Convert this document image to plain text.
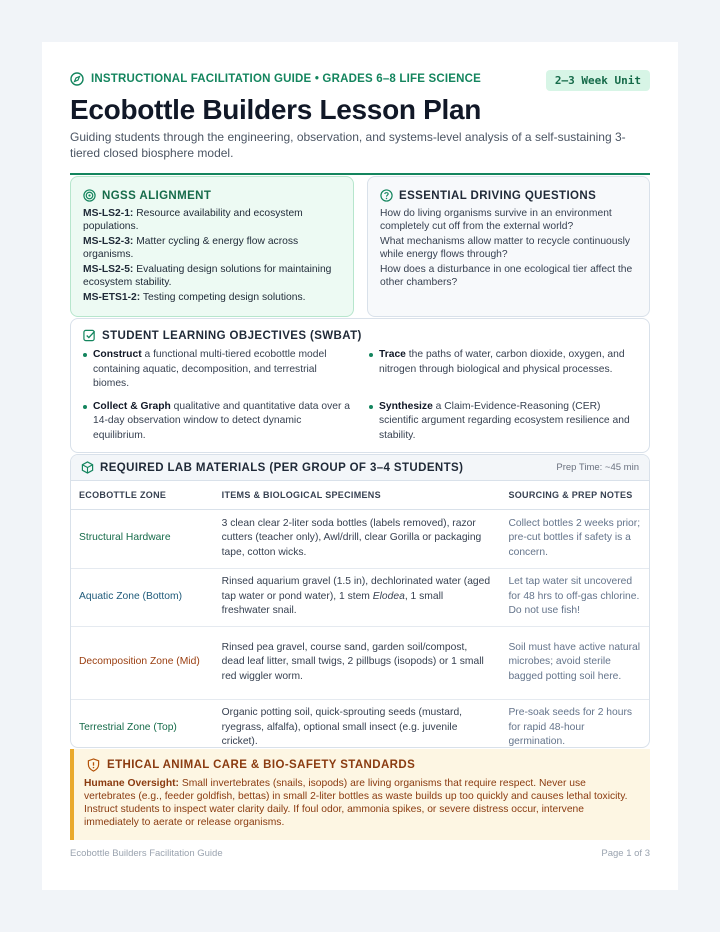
INSTRUCTIONAL FACILITATION GUIDE • GRADES 6–8 LIFE SCIENCE	2–3 Week Unit
Ecobottle Builders Lesson Plan

Guiding students through the engineering, observation, and systems-level analysis of a self-sustaining 3-tiered closed biosphere model.

NGSS ALIGNMENT
MS-LS2-1: Resource availability and ecosystem populations.
MS-LS2-3: Matter cycling & energy flow across organisms.
MS-LS2-5: Evaluating design solutions for maintaining ecosystem stability.
MS-ETS1-2: Testing competing design solutions.
ESSENTIAL DRIVING QUESTIONS
How do living organisms survive in an environment completely cut off from the external world?
What mechanisms allow matter to recycle continuously while energy flows through?
How does a disturbance in one ecological tier affect the other chambers?
STUDENT LEARNING OBJECTIVES (SWBAT)
Construct a functional multi-tiered ecobottle model containing aquatic, decomposition, and terrestrial biomes.
Trace the paths of water, carbon dioxide, oxygen, and nitrogen through biological and physical processes.
Collect & Graph qualitative and quantitative data over a 14-day observation window to detect dynamic equilibrium.
Synthesize a Claim-Evidence-Reasoning (CER) scientific argument regarding ecosystem resilience and stability.
REQUIRED LAB MATERIALS (PER GROUP OF 3–4 STUDENTS)	Prep Time: ~45 min
ECOBOTTLE ZONE	ITEMS & BIOLOGICAL SPECIMENS	SOURCING & PREP NOTES
Structural Hardware	3 clean clear 2-liter soda bottles (labels removed), razor cutters (teacher only), Awl/drill, clear Gorilla or packaging tape, cotton wicks.	Collect bottles 2 weeks prior; pre-cut bottles if safety is a concern.
Aquatic Zone (Bottom)	Rinsed aquarium gravel (1.5 in), dechlorinated water (aged tap water or pond water), 1 stem Elodea, 1 small freshwater snail.	Let tap water sit uncovered for 48 hrs to off-gas chlorine. Do not use fish!
Decomposition Zone (Mid)	Rinsed pea gravel, course sand, garden soil/compost, dead leaf litter, small twigs, 2 pillbugs (isopods) or 1 small red wiggler worm.	Soil must have active natural microbes; avoid sterile bagged potting soil here.
Terrestrial Zone (Top)	Organic potting soil, quick-sprouting seeds (mustard, ryegrass, alfalfa), optional small insect (e.g. juvenile cricket).	Pre-soak seeds for 2 hours for rapid 48-hour germination.
ETHICAL ANIMAL CARE & BIO-SAFETY STANDARDS
Humane Oversight: Small invertebrates (snails, isopods) are living organisms that require respect. Never use vertebrates (e.g., feeder goldfish, bettas) in small 2-liter bottles as waste builds up too quickly and causes lethal toxicity. Instruct students to inspect water clarity daily. If foul odor, ammonia spikes, or severe distress occur, intervene immediately to aerate or release organisms.
Ecobottle Builders Facilitation Guide	Page 1 of 3
